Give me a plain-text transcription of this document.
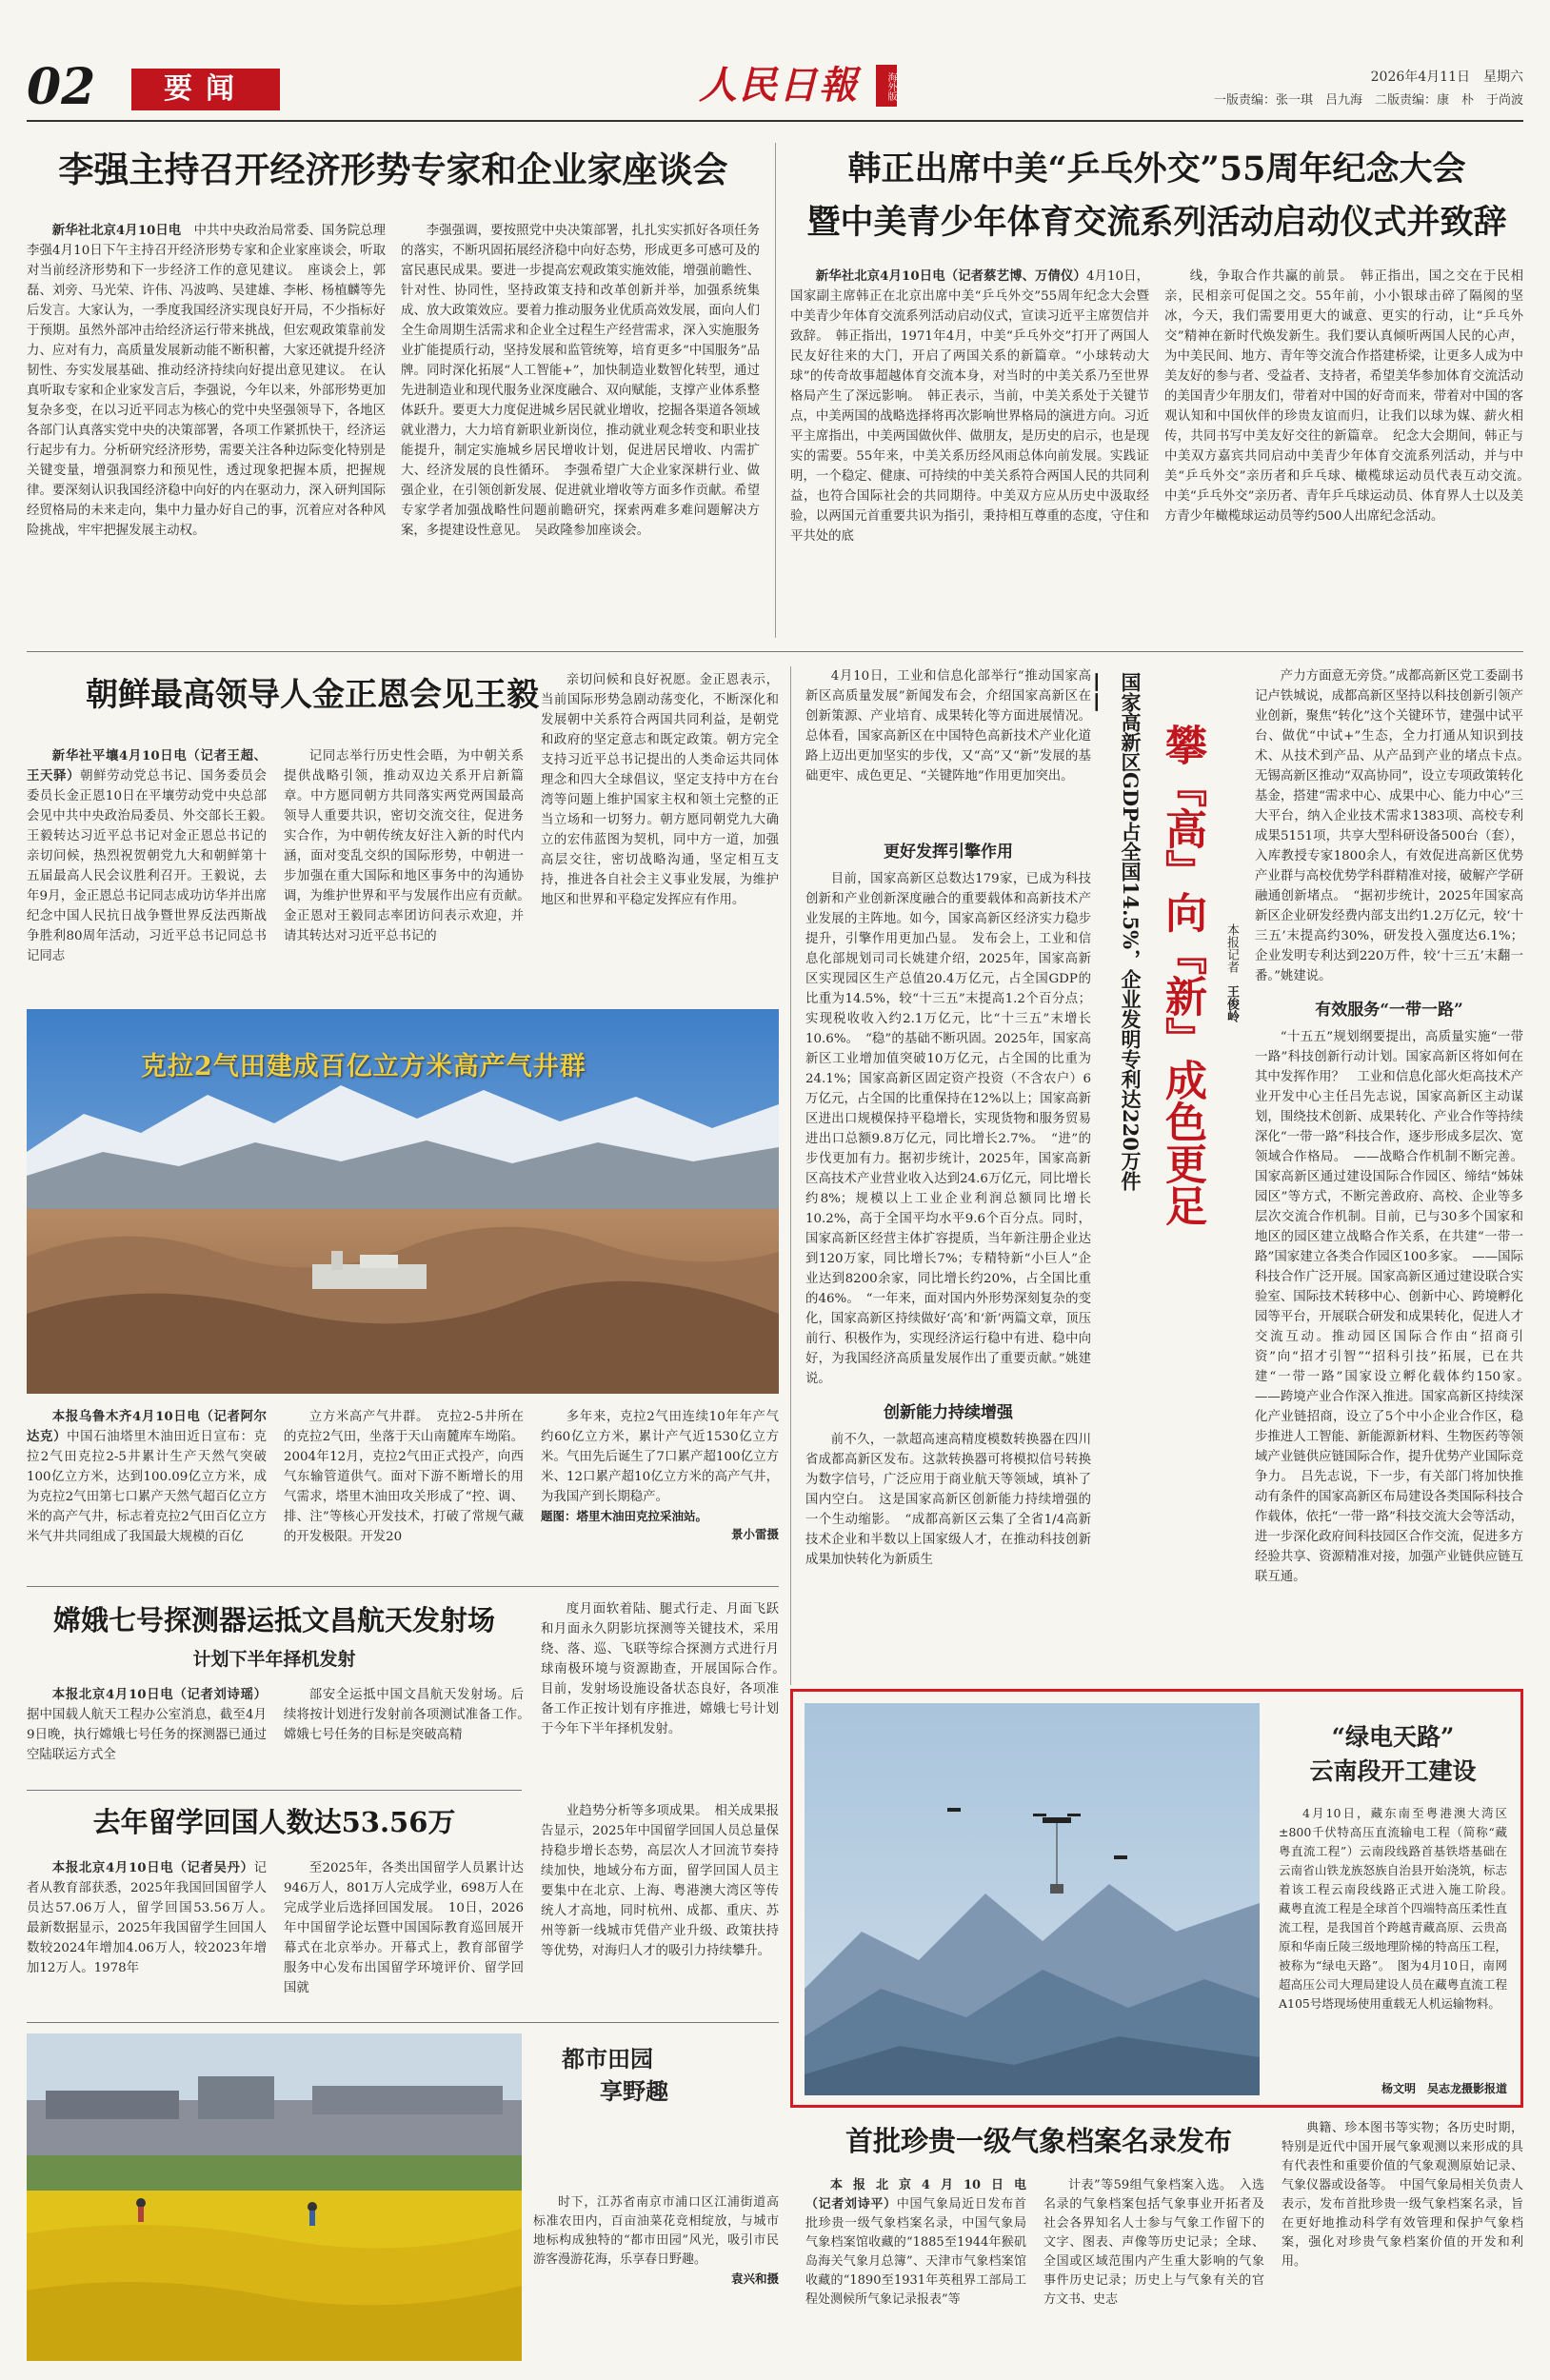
02	要闻	人民日報	海外版	2026年4月11日　星期六
一版责编：张一琪　吕九海　二版责编：康　朴　于尚波
李强主持召开经济形势专家和企业家座谈会

新华社北京4月10日电　 中共中央政治局常委、国务院总理李强4月10日下午主持召开经济形势专家和企业家座谈会，听取对当前经济形势和下一步经济工作的意见建议。　座谈会上，郭磊、刘旁、马光荣、许伟、冯波鸣、吴建雄、李彬、杨植麟等先后发言。大家认为，一季度我国经济实现良好开局，不少指标好于预期。虽然外部冲击给经济运行带来挑战，但宏观政策靠前发力、应对有力，高质量发展新动能不断积蓄，大家还就提升经济韧性、夯实发展基础、推动经济持续向好提出意见建议。　在认真听取专家和企业家发言后，李强说，今年以来，外部形势更加复杂多变，在以习近平同志为核心的党中央坚强领导下，各地区各部门认真落实党中央的决策部署，各项工作紧抓快干，经济运行起步有力。分析研究经济形势，需要关注各种边际变化特别是关键变量，增强洞察力和预见性，透过现象把握本质，把握规律。要深刻认识我国经济稳中向好的内在驱动力，深入研判国际经贸格局的未来走向，集中力量办好自己的事，沉着应对各种风险挑战，牢牢把握发展主动权。

李强强调，要按照党中央决策部署，扎扎实实抓好各项任务的落实，不断巩固拓展经济稳中向好态势，形成更多可感可及的富民惠民成果。要进一步提高宏观政策实施效能，增强前瞻性、针对性、协同性，坚持政策支持和改革创新并举，加强系统集成、放大政策效应。要着力推动服务业优质高效发展，面向人们全生命周期生活需求和企业全过程生产经营需求，深入实施服务业扩能提质行动，坚持发展和监管统筹，培育更多“中国服务”品牌。同时深化拓展“人工智能+”，加快制造业数智化转型，通过先进制造业和现代服务业深度融合、双向赋能，支撑产业体系整体跃升。要更大力度促进城乡居民就业增收，挖掘各渠道各领域就业潜力，大力培育新职业新岗位，推动就业观念转变和职业技能提升，制定实施城乡居民增收计划，促进居民增收、内需扩大、经济发展的良性循环。　李强希望广大企业家深耕行业、做强企业，在引领创新发展、促进就业增收等方面多作贡献。希望专家学者加强战略性问题前瞻研究，探索两难多难问题解决方案，多提建设性意见。　吴政隆参加座谈会。

韩正出席中美“乒乓外交”55周年纪念大会
暨中美青少年体育交流系列活动启动仪式并致辞

新华社北京4月10日电（记者蔡艺博、万倩仪）4月10日，国家副主席韩正在北京出席中美“乒乓外交”55周年纪念大会暨中美青少年体育交流系列活动启动仪式，宣读习近平主席贺信并致辞。　韩正指出，1971年4月，中美“乒乓外交”打开了两国人民友好往来的大门，开启了两国关系的新篇章。“小球转动大球”的传奇故事超越体育交流本身，对当时的中美关系乃至世界格局产生了深远影响。　韩正表示，当前，中美关系处于关键节点，中美两国的战略选择将再次影响世界格局的演进方向。习近平主席指出，中美两国做伙伴、做朋友，是历史的启示，也是现实的需要。55年来，中美关系历经风雨总体向前发展。实践证明，一个稳定、健康、可持续的中美关系符合两国人民的共同利益，也符合国际社会的共同期待。中美双方应从历史中汲取经验，以两国元首重要共识为指引，秉持相互尊重的态度，守住和平共处的底

线，争取合作共赢的前景。　韩正指出，国之交在于民相亲，民相亲可促国之交。55年前，小小银球击碎了隔阂的坚冰，今天，我们需要用更大的诚意、更实的行动，让“乒乓外交”精神在新时代焕发新生。我们要认真倾听两国人民的心声，为中美民间、地方、青年等交流合作搭建桥梁，让更多人成为中美友好的参与者、受益者、支持者，希望美华参加体育交流活动的美国青少年朋友们，带着对中国的好奇而来，带着对中国的客观认知和中国伙伴的珍贵友谊而归，让我们以球为媒、薪火相传，共同书写中美友好交往的新篇章。　纪念大会期间，韩正与中美双方嘉宾共同启动中美青少年体育交流系列活动，并与中美“乒乓外交”亲历者和乒乓球、橄榄球运动员代表互动交流。　中美“乒乓外交”亲历者、青年乒乓球运动员、体育界人士以及美方青少年橄榄球运动员等约500人出席纪念活动。

朝鲜最高领导人金正恩会见王毅

新华社平壤4月10日电（记者王超、王天驿）朝鲜劳动党总书记、国务委员会委员长金正恩10日在平壤劳动党中央总部会见中共中央政治局委员、外交部长王毅。　王毅转达习近平总书记对金正恩总书记的亲切问候，热烈祝贺朝党九大和朝鲜第十五届最高人民会议胜利召开。王毅说，去年9月，金正恩总书记同志成功访华并出席纪念中国人民抗日战争暨世界反法西斯战争胜利80周年活动，习近平总书记同总书记同志

记同志举行历史性会晤，为中朝关系提供战略引领，推动双边关系开启新篇章。中方愿同朝方共同落实两党两国最高领导人重要共识，密切交流交往，促进务实合作，为中朝传统友好注入新的时代内涵，面对变乱交织的国际形势，中朝进一步加强在重大国际和地区事务中的沟通协调，为维护世界和平与发展作出应有贡献。　金正恩对王毅同志率团访问表示欢迎，并请其转达对习近平总书记的

亲切问候和良好祝愿。金正恩表示，当前国际形势急剧动荡变化，不断深化和发展朝中关系符合两国共同利益，是朝党和政府的坚定意志和既定政策。朝方完全支持习近平总书记提出的人类命运共同体理念和四大全球倡议，坚定支持中方在台湾等问题上维护国家主权和领土完整的正当立场和一切努力。朝方愿同朝党九大确立的宏伟蓝图为契机，同中方一道，加强高层交往，密切战略沟通，坚定相互支持，推进各自社会主义事业发展，为维护地区和世界和平稳定发挥应有作用。

克拉2气田建成百亿立方米高产气井群

本报乌鲁木齐4月10日电（记者阿尔达克）中国石油塔里木油田近日宣布：克拉2气田克拉2-5井累计生产天然气突破100亿立方米，达到100.09亿立方米，成为克拉2气田第七口累产天然气超百亿立方米的高产气井，标志着克拉2气田百亿立方米气井共同组成了我国最大规模的百亿

立方米高产气井群。　克拉2-5井所在的克拉2气田，坐落于天山南麓库车坳陷。2004年12月，克拉2气田正式投产，向西气东输管道供气。面对下游不断增长的用气需求，塔里木油田攻关形成了“控、调、排、注”等核心开发技术，打破了常规气藏的开发极限。开发20

多年来，克拉2气田连续10年年产气约60亿立方米，累计产气近1530亿立方米。气田先后诞生了7口累产超100亿立方米、12口累产超10亿立方米的高产气井，为我国产到长期稳产。

题图：塔里木油田克拉采油站。
景小雷摄
嫦娥七号探测器运抵文昌航天发射场
计划下半年择机发射

本报北京4月10日电（记者刘诗瑶）据中国载人航天工程办公室消息，截至4月9日晚，执行嫦娥七号任务的探测器已通过空陆联运方式全

部安全运抵中国文昌航天发射场。后续将按计划进行发射前各项测试准备工作。　嫦娥七号任务的目标是突破高精

度月面软着陆、腿式行走、月面飞跃和月面永久阴影坑探测等关键技术，采用绕、落、巡、飞联等综合探测方式进行月球南极环境与资源勘查，开展国际合作。　目前，发射场设施设备状态良好，各项准备工作正按计划有序推进，嫦娥七号计划于今年下半年择机发射。

去年留学回国人数达53.56万

本报北京4月10日电（记者吴丹）记者从教育部获悉，2025年我国回国留学人员达57.06万人，留学回国53.56万人。　最新数据显示，2025年我国留学生回国人数较2024年增加4.06万人，较2023年增加12万人。1978年

至2025年，各类出国留学人员累计达946万人，801万人完成学业，698万人在完成学业后选择回国发展。　10日，2026年中国留学论坛暨中国国际教育巡回展开幕式在北京举办。开幕式上，教育部留学服务中心发布出国留学环境评价、留学回国就

业趋势分析等多项成果。　相关成果报告显示，2025年中国留学回国人员总量保持稳步增长态势，高层次人才回流节奏持续加快，地域分布方面，留学回国人员主要集中在北京、上海、粤港澳大湾区等传统人才高地，同时杭州、成都、重庆、苏州等新一线城市凭借产业升级、政策扶持等优势，对海归人才的吸引力持续攀升。

都市田园
享野趣

时下，江苏省南京市浦口区江浦街道高标准农田内，百亩油菜花竞相绽放，与城市地标构成独特的“都市田园”风光，吸引市民游客漫游花海，乐享春日野趣。

袁兴和摄

4月10日，工业和信息化部举行“推动国家高新区高质量发展”新闻发布会，介绍国家高新区在创新策源、产业培育、成果转化等方面进展情况。总体看，国家高新区在中国特色高新技术产业化道路上迈出更加坚实的步伐，又“高”又“新”发展的基础更牢、成色更足、“关键阵地”作用更加突出。	国家高新区GDP占全国14.5%，企业发明专利达220万件——
攀『高』向『新』成色更足	本报记者　王俊岭
更好发挥引擎作用

目前，国家高新区总数达179家，已成为科技创新和产业创新深度融合的重要载体和高新技术产业发展的主阵地。如今，国家高新区经济实力稳步提升，引擎作用更加凸显。　发布会上，工业和信息化部规划司司长姚建介绍，2025年，国家高新区实现园区生产总值20.4万亿元，占全国GDP的比重为14.5%，较“十三五”末提高1.2个百分点；实现税收收入约2.1万亿元，比“十三五”末增长10.6%。　“稳”的基础不断巩固。2025年，国家高新区工业增加值突破10万亿元，占全国的比重为24.1%；国家高新区固定资产投资（不含农户）6万亿元，占全国的比重保持在12%以上；国家高新区进出口规模保持平稳增长，实现货物和服务贸易进出口总额9.8万亿元，同比增长2.7%。　“进”的步伐更加有力。据初步统计，2025年，国家高新区高技术产业营业收入达到24.6万亿元，同比增长约8%；规模以上工业企业利润总额同比增长10.2%，高于全国平均水平9.6个百分点。同时，国家高新区经营主体扩容提质，当年新注册企业达到120万家，同比增长7%；专精特新“小巨人”企业达到8200余家，同比增长约20%，占全国比重的46%。　“一年来，面对国内外形势深刻复杂的变化，国家高新区持续做好‘高’和‘新’两篇文章，顶压前行、积极作为，实现经济运行稳中有进、稳中向好，为我国经济高质量发展作出了重要贡献。”姚建说。

创新能力持续增强

前不久，一款超高速高精度模数转换器在四川省成都高新区发布。这款转换器可将模拟信号转换为数字信号，广泛应用于商业航天等领域，填补了国内空白。　这是国家高新区创新能力持续增强的一个生动缩影。　“成都高新区云集了全省1/4高新技术企业和半数以上国家级人才，在推动科技创新成果加快转化为新质生

产力方面意无旁贷。”成都高新区党工委副书记卢铁城说，成都高新区坚持以科技创新引领产业创新，聚焦“转化”这个关键环节，建强中试平台、做优“中试+”生态，全力打通从知识到技术、从技术到产品、从产品到产业的堵点卡点。　无锡高新区推动“双高协同”，设立专项政策转化基金，搭建“需求中心、成果中心、能力中心”三大平台，纳入企业技术需求1383项、高校专利成果5151项，共享大型科研设备500台（套），入库教授专家1800余人，有效促进高新区优势产业群与高校优势学科群精准对接，破解产学研融通创新堵点。　“据初步统计，2025年国家高新区企业研发经费内部支出约1.2万亿元，较‘十三五’末提高约30%，研发投入强度达6.1%；企业发明专利达到220万件，较‘十三五’末翻一番。”姚建说。

有效服务“一带一路”

“十五五”规划纲要提出，高质量实施“一带一路”科技创新行动计划。国家高新区将如何在其中发挥作用？　工业和信息化部火炬高技术产业开发中心主任吕先志说，国家高新区主动谋划，围绕技术创新、成果转化、产业合作等持续深化“一带一路”科技合作，逐步形成多层次、宽领域合作格局。　——战略合作机制不断完善。国家高新区通过建设国际合作园区、缔结“姊妹园区”等方式，不断完善政府、高校、企业等多层次交流合作机制。目前，已与30多个国家和地区的园区建立战略合作关系，在共建“一带一路”国家建立各类合作园区100多家。　——国际科技合作广泛开展。国家高新区通过建设联合实验室、国际技术转移中心、创新中心、跨境孵化园等平台，开展联合研发和成果转化，促进人才交流互动。推动园区国际合作由“招商引资”向“招才引智”“招科引技”拓展，已在共建“一带一路”国家设立孵化载体约150家。　——跨境产业合作深入推进。国家高新区持续深化产业链招商，设立了5个中小企业合作区，稳步推进人工智能、新能源新材料、生物医药等领域产业链供应链国际合作，提升优势产业国际竞争力。　吕先志说，下一步，有关部门将加快推动有条件的国家高新区布局建设各类国际科技合作载体，依托“一带一路”科技交流大会等活动，进一步深化政府间科技园区合作交流，促进多方经验共享、资源精准对接，加强产业链供应链互联互通。

“绿电天路”
云南段开工建设

4月10日，藏东南至粤港澳大湾区±800千伏特高压直流输电工程（简称“藏粤直流工程”）云南段线路首基铁塔基础在云南省山铁龙族怒族自治县开始浇筑，标志着该工程云南段线路正式进入施工阶段。　藏粤直流工程是全球首个四端特高压柔性直流工程，是我国首个跨越青藏高原、云贵高原和华南丘陵三级地理阶梯的特高压工程，被称为“绿电天路”。　图为4月10日，南网超高压公司大理局建设人员在藏粤直流工程A105号塔现场使用重载无人机运输物料。

杨文明　吴志龙摄影报道
首批珍贵一级气象档案名录发布

本报北京4月10日电（记者刘诗平）中国气象局近日发布首批珍贵一级气象档案名录，中国气象局气象档案馆收藏的“1885至1944年猴矶岛海关气象月总簿”、天津市气象档案馆收藏的“1890至1931年英租界工部局工程处测候所气象记录报表”等

计表”等59组气象档案入选。　入选名录的气象档案包括气象事业开拓者及社会各界知名人士参与气象工作留下的文字、图表、声像等历史记录；全球、全国或区域范围内产生重大影响的气象事件历史记录；历史上与气象有关的官方文书、史志

典籍、珍本图书等实物；各历史时期，特别是近代中国开展气象观测以来形成的具有代表性和重要价值的气象观测原始记录、气象仪器或设备等。　中国气象局相关负责人表示，发布首批珍贵一级气象档案名录，旨在更好地推动科学有效管理和保护气象档案，强化对珍贵气象档案价值的开发和利用。
